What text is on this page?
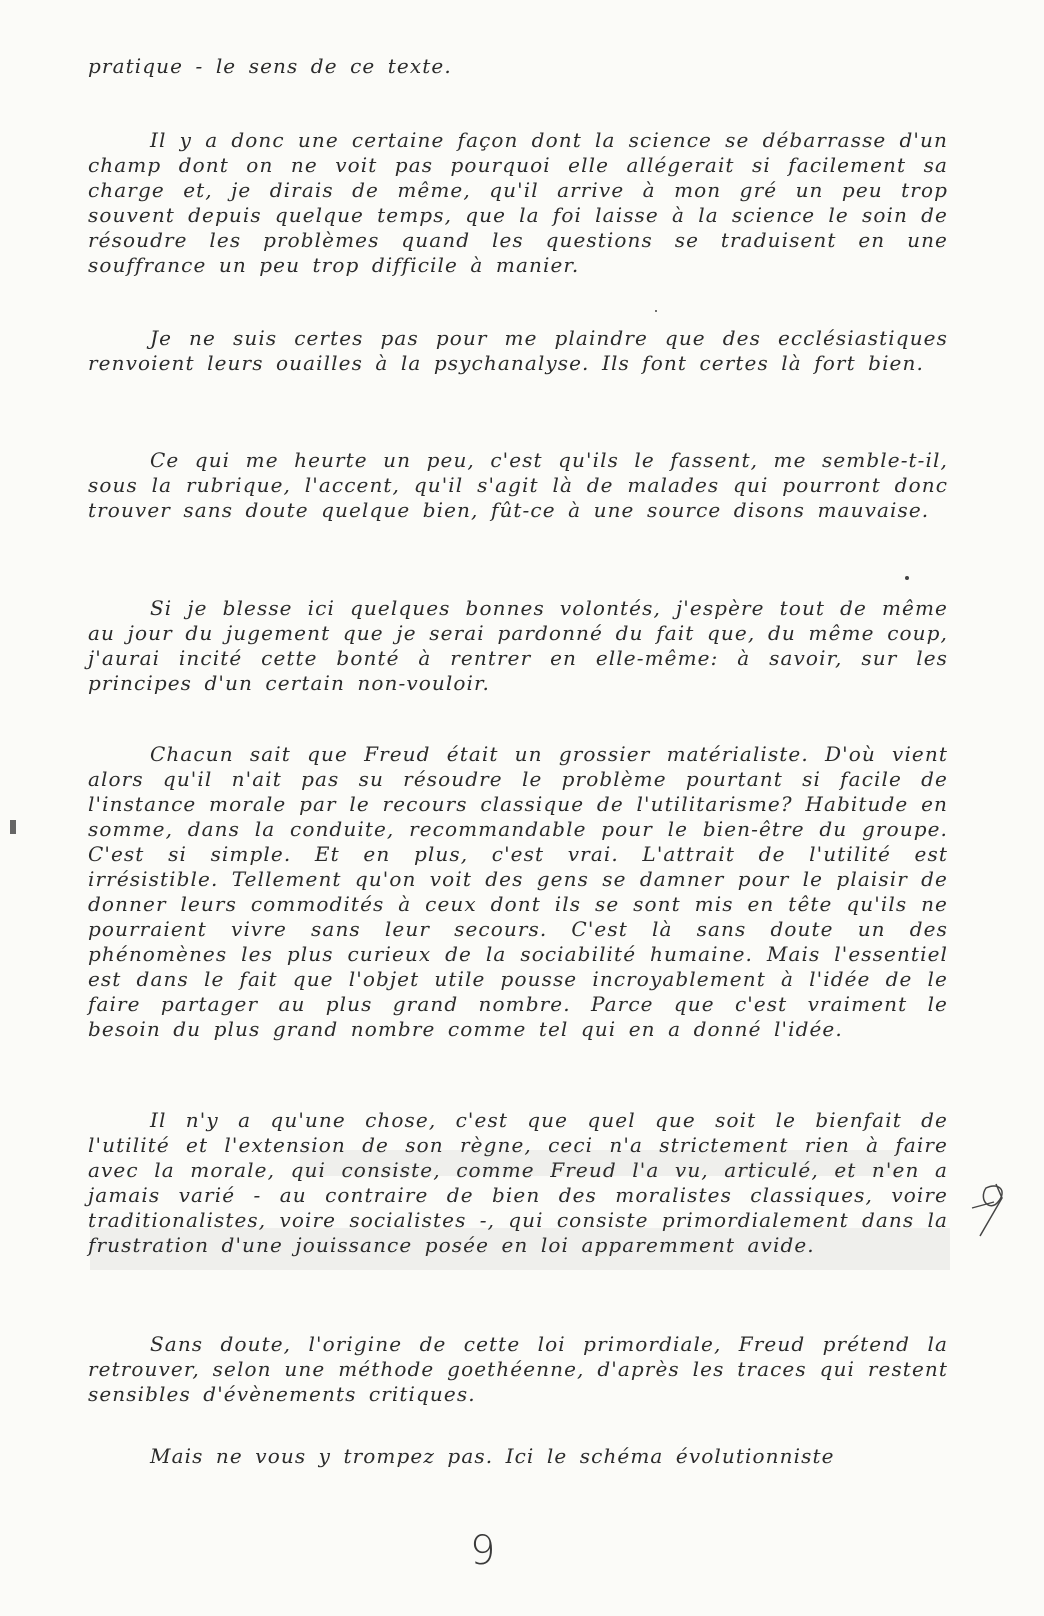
pratique - le sens de ce texte.

Il y a donc une certaine façon dont la science se débarrasse d'un champ dont on ne voit pas pourquoi elle allégerait si facilement sa charge et, je dirais de même, qu'il arrive à mon gré un peu trop souvent depuis quelque temps, que la foi laisse à la science le soin de résoudre les problèmes quand les questions se traduisent en une souffrance un peu trop difficile à manier.

Je ne suis certes pas pour me plaindre que des ecclésiastiques renvoient leurs ouailles à la psychanalyse. Ils font certes là fort bien.

Ce qui me heurte un peu, c'est qu'ils le fassent, me semble-t-il, sous la rubrique, l'accent, qu'il s'agit là de malades qui pourront donc trouver sans doute quelque bien, fût-ce à une source disons mauvaise.

Si je blesse ici quelques bonnes volontés, j'espère tout de même au jour du jugement que je serai pardonné du fait que, du même coup, j'aurai incité cette bonté à rentrer en elle-même: à savoir, sur les principes d'un certain non-vouloir.

Chacun sait que Freud était un grossier matérialiste. D'où vient alors qu'il n'ait pas su résoudre le problème pourtant si facile de l'instance morale par le recours classique de l'utilitarisme? Habitude en somme, dans la conduite, recommandable pour le bien-être du groupe. C'est si simple. Et en plus, c'est vrai. L'attrait de l'utilité est irrésistible. Tellement qu'on voit des gens se damner pour le plaisir de donner leurs commodités à ceux dont ils se sont mis en tête qu'ils ne pourraient vivre sans leur secours. C'est là sans doute un des phénomènes les plus curieux de la sociabilité humaine. Mais l'essentiel est dans le fait que l'objet utile pousse incroyablement à l'idée de le faire partager au plus grand nombre. Parce que c'est vraiment le besoin du plus grand nombre comme tel qui en a donné l'idée.

Il n'y a qu'une chose, c'est que quel que soit le bienfait de l'utilité et l'extension de son règne, ceci n'a strictement rien à faire avec la morale, qui consiste, comme Freud l'a vu, articulé, et n'en a jamais varié - au contraire de bien des moralistes classiques, voire traditionalistes, voire socialistes -, qui consiste primordialement dans la frustration d'une jouissance posée en loi apparemment avide.

Sans doute, l'origine de cette loi primordiale, Freud prétend la retrouver, selon une méthode goethéenne, d'après les traces qui restent sensibles d'évènements critiques.

Mais ne vous y trompez pas. Ici le schéma évolutionniste

9
